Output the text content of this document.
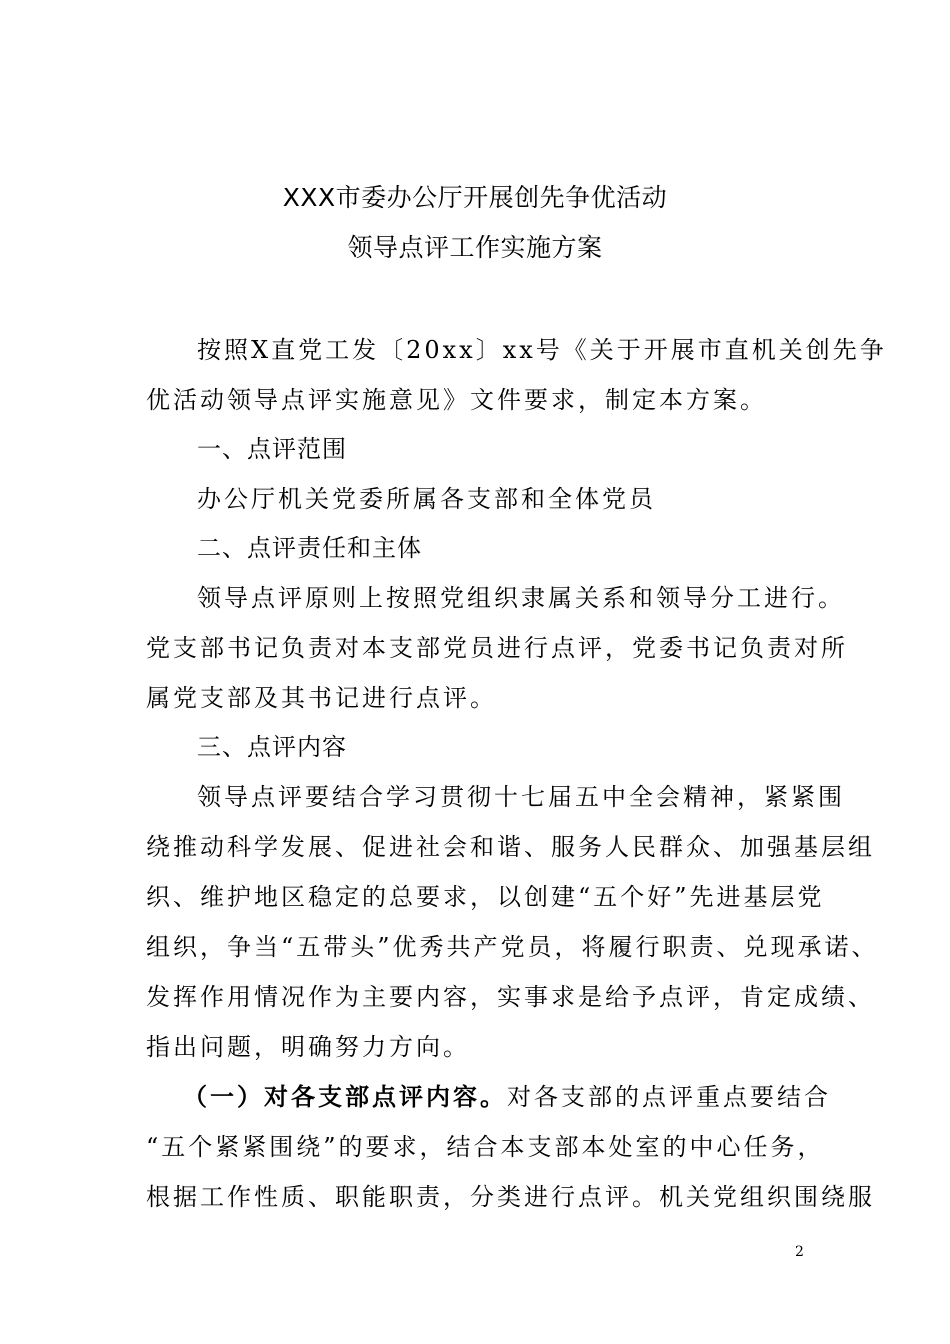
XXX市委办公厅开展创先争优活动
领导点评工作实施方案
按照X直党工发〔20xx〕xx号《关于开展市直机关创先争
优活动领导点评实施意见》文件要求，制定本方案。
一、点评范围
办公厅机关党委所属各支部和全体党员
二、点评责任和主体
领导点评原则上按照党组织隶属关系和领导分工进行。
党支部书记负责对本支部党员进行点评，党委书记负责对所
属党支部及其书记进行点评。
三、点评内容
领导点评要结合学习贯彻十七届五中全会精神，紧紧围
绕推动科学发展、促进社会和谐、服务人民群众、加强基层组
织、维护地区稳定的总要求，以创建“五个好”先进基层党
组织，争当“五带头”优秀共产党员，将履行职责、兑现承诺、
发挥作用情况作为主要内容，实事求是给予点评，肯定成绩、
指出问题，明确努力方向。
（一）对各支部点评内容。对各支部的点评重点要结合
“五个紧紧围绕”的要求，结合本支部本处室的中心任务，
根据工作性质、职能职责，分类进行点评。机关党组织围绕服
2
